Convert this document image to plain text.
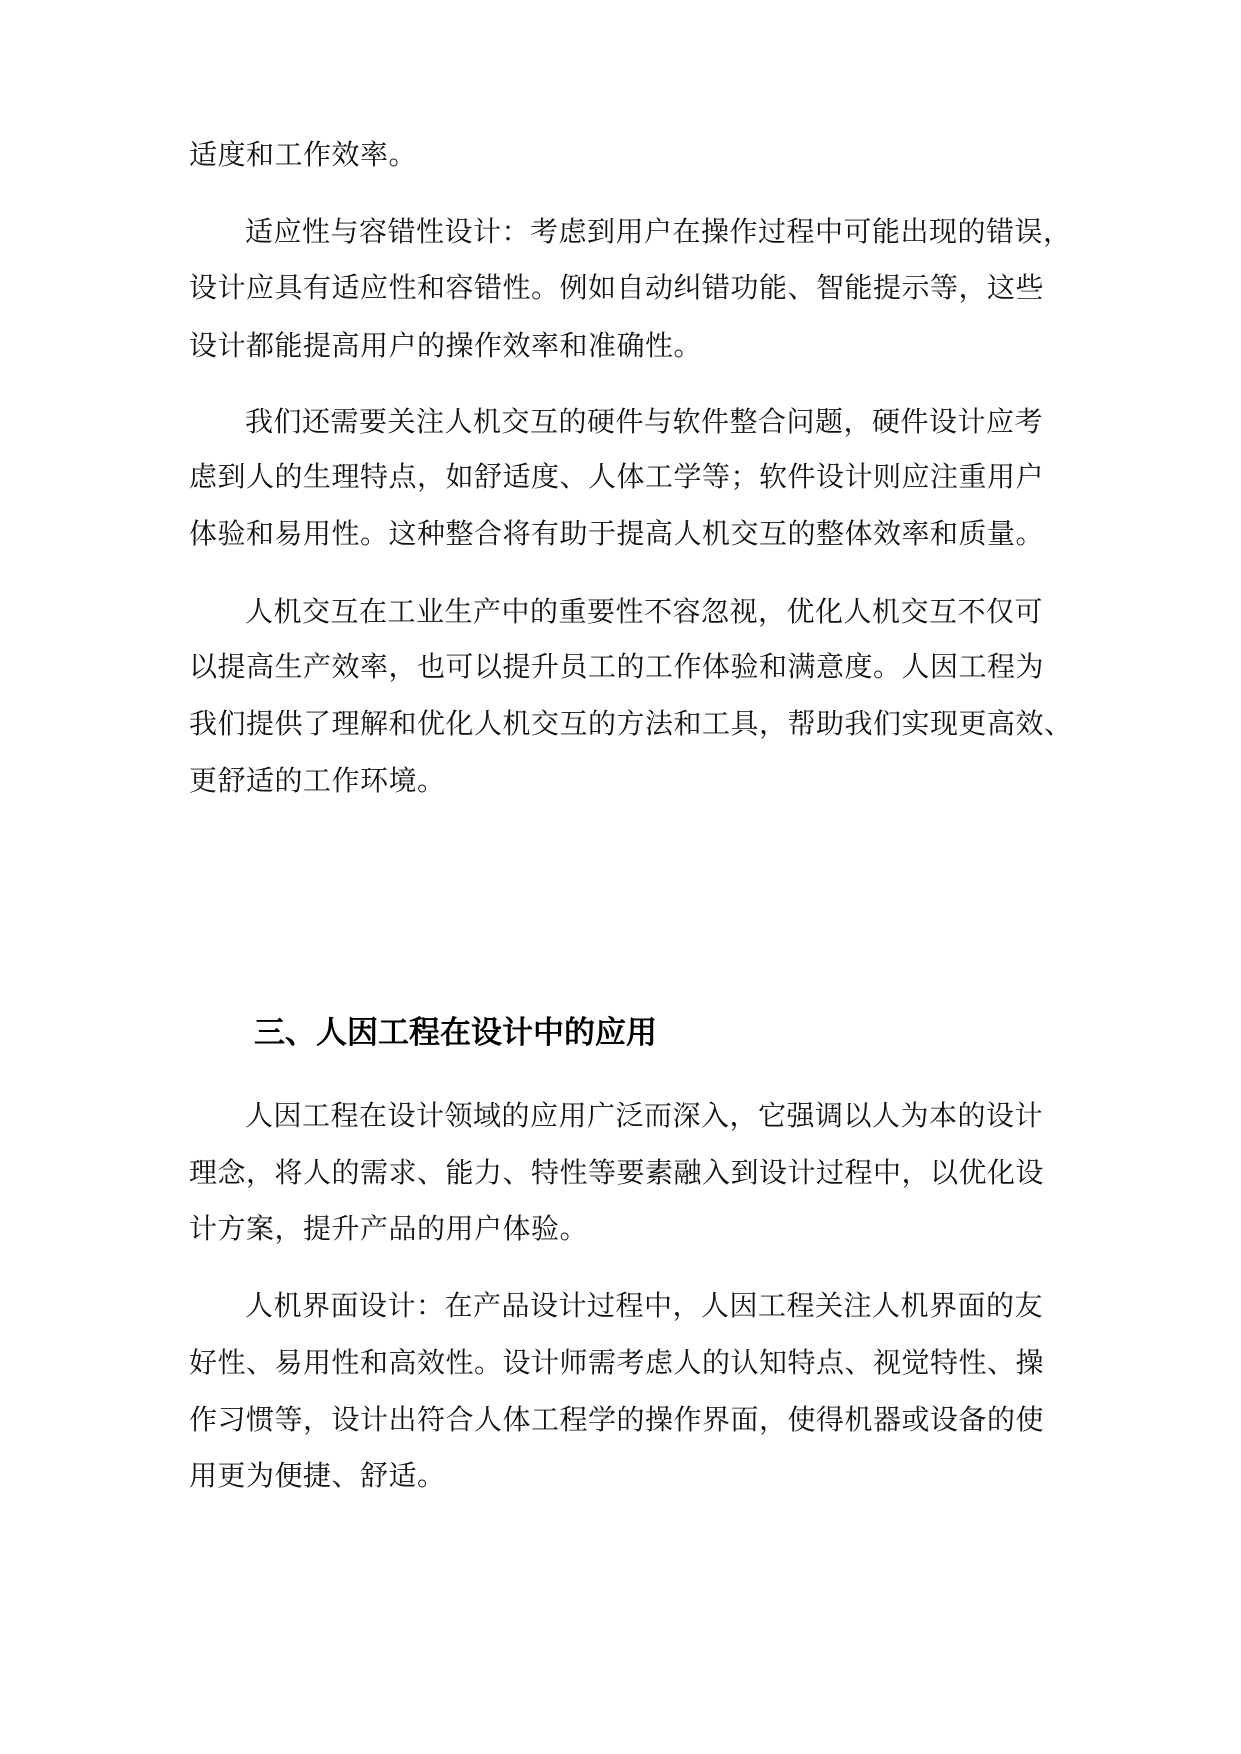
适度和工作效率。
适应性与容错性设计：考虑到用户在操作过程中可能出现的错误，
设计应具有适应性和容错性。例如自动纠错功能、智能提示等，这些
设计都能提高用户的操作效率和准确性。
我们还需要关注人机交互的硬件与软件整合问题，硬件设计应考
虑到人的生理特点，如舒适度、人体工学等；软件设计则应注重用户
体验和易用性。这种整合将有助于提高人机交互的整体效率和质量。
人机交互在工业生产中的重要性不容忽视，优化人机交互不仅可
以提高生产效率，也可以提升员工的工作体验和满意度。人因工程为
我们提供了理解和优化人机交互的方法和工具，帮助我们实现更高效、
更舒适的工作环境。
三、人因工程在设计中的应用
人因工程在设计领域的应用广泛而深入，它强调以人为本的设计
理念，将人的需求、能力、特性等要素融入到设计过程中，以优化设
计方案，提升产品的用户体验。
人机界面设计：在产品设计过程中，人因工程关注人机界面的友
好性、易用性和高效性。设计师需考虑人的认知特点、视觉特性、操
作习惯等，设计出符合人体工程学的操作界面，使得机器或设备的使
用更为便捷、舒适。
